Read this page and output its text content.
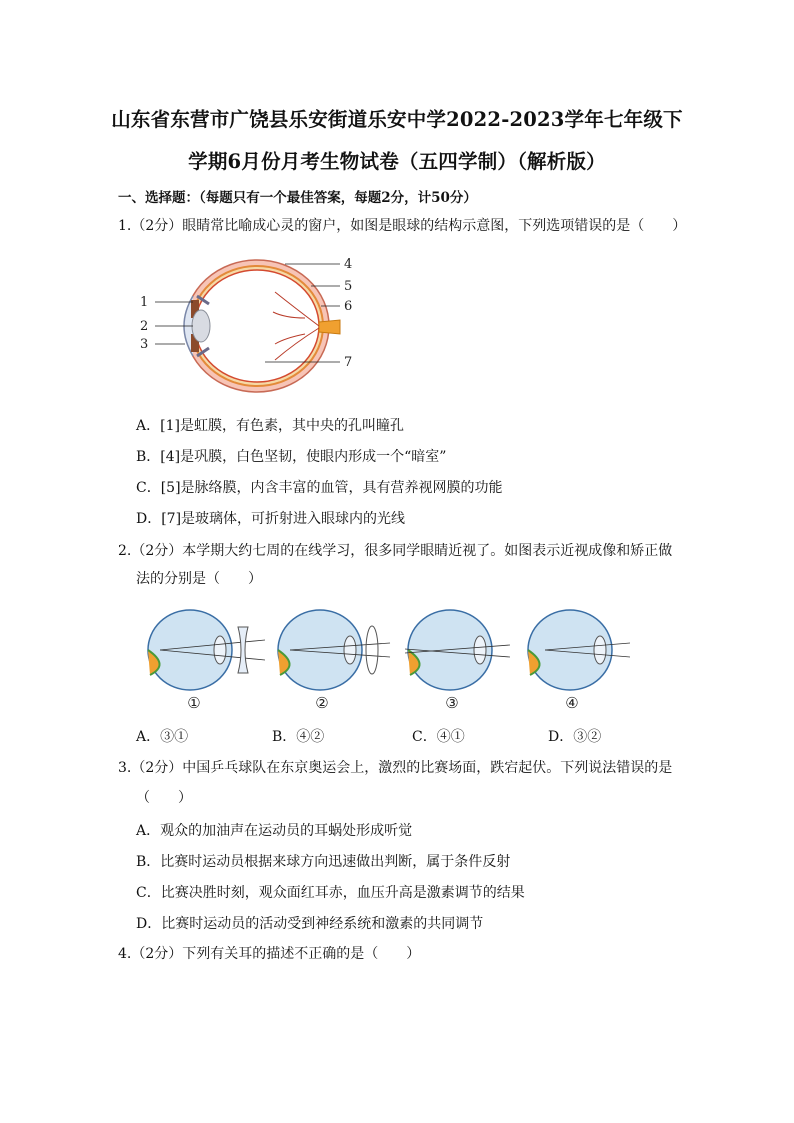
山东省东营市广饶县乐安街道乐安中学2022-2023学年七年级下
学期6月份月考生物试卷（五四学制）（解析版）
一、选择题：（每题只有一个最佳答案，每题2分，计50分）
1.（2分）眼睛常比喻成心灵的窗户，如图是眼球的结构示意图，下列选项错误的是（　　）
1
2
3
4
5
6
7
A．[1]是虹膜，有色素，其中央的孔叫瞳孔
B．[4]是巩膜，白色坚韧，使眼内形成一个“暗室”
C．[5]是脉络膜，内含丰富的血管，具有营养视网膜的功能
D．[7]是玻璃体，可折射进入眼球内的光线
2.（2分）本学期大约七周的在线学习，很多同学眼睛近视了。如图表示近视成像和矫正做
法的分别是（　　）
①	②	③	④
A．③①	B．④②	C．④①	D．③②
3.（2分）中国乒乓球队在东京奥运会上，激烈的比赛场面，跌宕起伏。下列说法错误的是
（　　）
A．观众的加油声在运动员的耳蜗处形成听觉
B．比赛时运动员根据来球方向迅速做出判断，属于条件反射
C．比赛决胜时刻，观众面红耳赤，血压升高是激素调节的结果
D．比赛时运动员的活动受到神经系统和激素的共同调节
4.（2分）下列有关耳的描述不正确的是（　　）
